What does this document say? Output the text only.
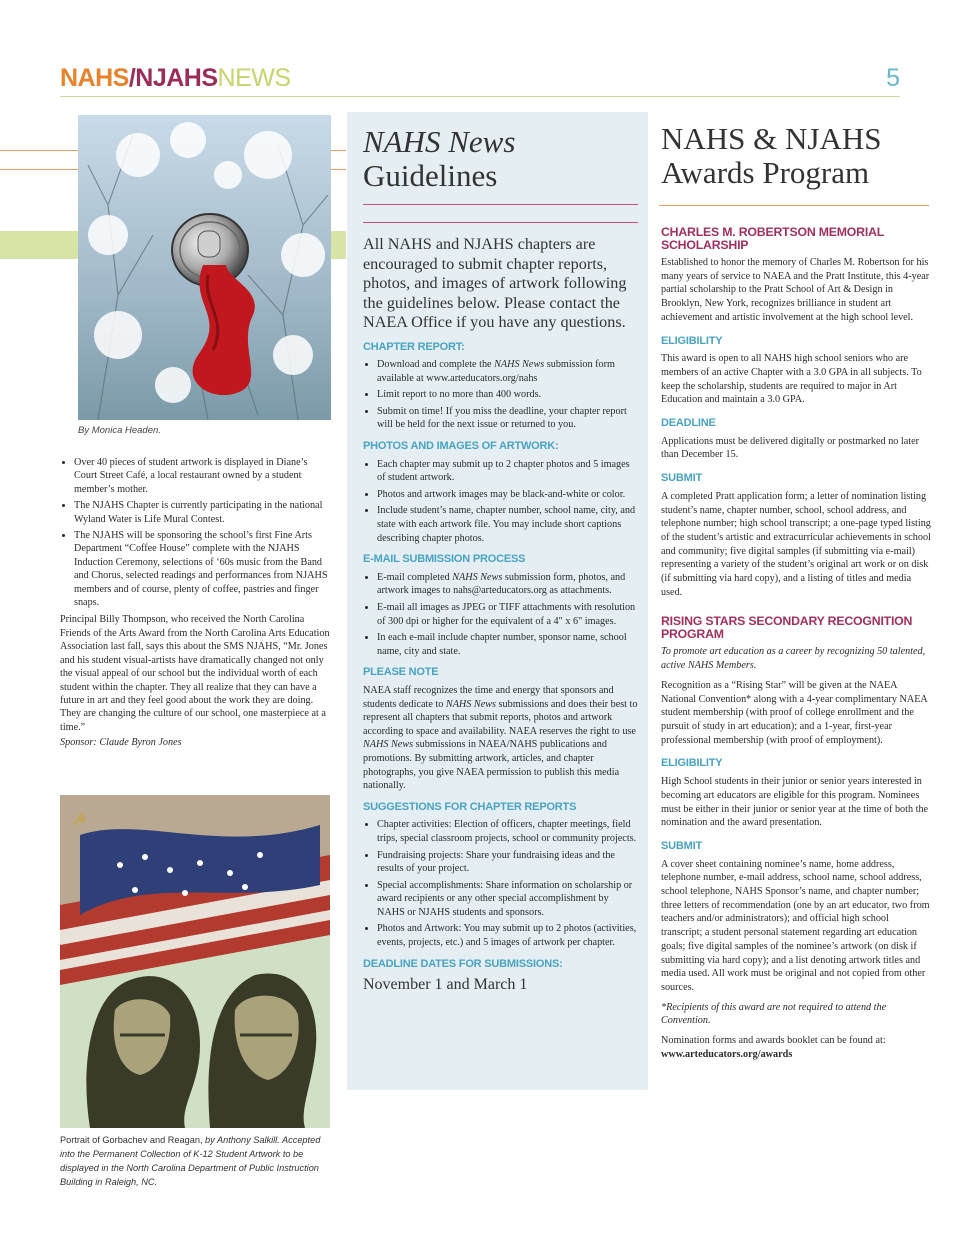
NAHS/NJAHSNEWS	5
By Monica Headen.
• Over 40 pieces of student artwork is displayed in Diane’s Court Street Café, a local restaurant owned by a student member’s mother.
• The NJAHS Chapter is currently participating in the national Wyland Water is Life Mural Contest.
• The NJAHS will be sponsoring the school’s first Fine Arts Department “Coffee House” complete with the NJAHS Induction Ceremony, selections of ‘60s music from the Band and Chorus, selected readings and performances from NJAHS members and of course, plenty of coffee, pastries and finger snaps.

Principal Billy Thompson, who received the North Carolina Friends of the Arts Award from the North Carolina Arts Education Association last fall, says this about the SMS NJAHS, “Mr. Jones and his student visual-artists have dramatically changed not only the visual appeal of our school but the individual worth of each student within the chapter. They all realize that they can have a future in art and they feel good about the work they are doing. They are changing the culture of our school, one masterpiece at a time.”

Sponsor: Claude Byron Jones

☭
Portrait of Gorbachev and Reagan, by Anthony Salkill. Accepted into the Permanent Collection of K-12 Student Artwork to be displayed in the North Carolina Department of Public Instruction Building in Raleigh, NC.
NAHS News
Guidelines

All NAHS and NJAHS chapters are encouraged to submit chapter reports, photos, and images of artwork following the guidelines below. Please contact the NAEA Office if you have any questions.

CHAPTER REPORT:
• Download and complete the NAHS News submission form available at www.arteducators.org/nahs
• Limit report to no more than 400 words.
• Submit on time! If you miss the deadline, your chapter report will be held for the next issue or returned to you.
PHOTOS AND IMAGES OF ARTWORK:
• Each chapter may submit up to 2 chapter photos and 5 images of student artwork.
• Photos and artwork images may be black-and-white or color.
• Include student’s name, chapter number, school name, city, and state with each artwork file. You may include short captions describing chapter photos.
E-MAIL SUBMISSION PROCESS
• E-mail completed NAHS News submission form, photos, and artwork images to nahs@arteducators.org as attachments.
• E-mail all images as JPEG or TIFF attachments with resolution of 300 dpi or higher for the equivalent of a 4" x 6" images.
• In each e-mail include chapter number, sponsor name, school name, city and state.
PLEASE NOTE

NAEA staff recognizes the time and energy that sponsors and students dedicate to NAHS News submissions and does their best to represent all chapters that submit reports, photos and artwork according to space and availability. NAEA reserves the right to use NAHS News submissions in NAEA/NAHS publications and promotions. By submitting artwork, articles, and chapter photographs, you give NAEA permission to publish this media nationally.

SUGGESTIONS FOR CHAPTER REPORTS
• Chapter activities: Election of officers, chapter meetings, field trips, special classroom projects, school or community projects.
• Fundraising projects: Share your fundraising ideas and the results of your project.
• Special accomplishments: Share information on scholarship or award recipients or any other special accomplishment by NAHS or NJAHS students and sponsors.
• Photos and Artwork: You may submit up to 2 photos (activities, events, projects, etc.) and 5 images of artwork per chapter.
DEADLINE DATES FOR SUBMISSIONS:

November 1 and March 1

NAHS & NJAHS
Awards Program
CHARLES M. ROBERTSON MEMORIAL SCHOLARSHIP

Established to honor the memory of Charles M. Robertson for his many years of service to NAEA and the Pratt Institute, this 4-year partial scholarship to the Pratt School of Art & Design in Brooklyn, New York, recognizes brilliance in student art achievement and artistic involvement at the high school level.

ELIGIBILITY

This award is open to all NAHS high school seniors who are members of an active Chapter with a 3.0 GPA in all subjects. To keep the scholarship, students are required to major in Art Education and maintain a 3.0 GPA.

DEADLINE

Applications must be delivered digitally or postmarked no later than December 15.

SUBMIT

A completed Pratt application form; a letter of nomination listing student’s name, chapter number, school, school address, and telephone number; high school transcript; a one-page typed listing of the student’s artistic and extracurricular achievements in school and community; five digital samples (if submitting via e-mail) representing a variety of the student’s original art work or on disk (if submitting via hard copy), and a listing of titles and media used.

RISING STARS SECONDARY RECOGNITION PROGRAM

To promote art education as a career by recognizing 50 talented, active NAHS Members.

Recognition as a “Rising Star” will be given at the NAEA National Convention* along with a 4-year complimentary NAEA student membership (with proof of college enrollment and the pursuit of study in art education); and a 1-year, first-year professional membership (with proof of employment).

ELIGIBILITY

High School students in their junior or senior years interested in becoming art educators are eligible for this program. Nominees must be either in their junior or senior year at the time of both the nomination and the award presentation.

SUBMIT

A cover sheet containing nominee’s name, home address, telephone number, e-mail address, school name, school address, school telephone, NAHS Sponsor’s name, and chapter number; three letters of recommendation (one by an art educator, two from teachers and/or administrators); and official high school transcript; a student personal statement regarding art education goals; five digital samples of the nominee’s artwork (on disk if submitting via hard copy); and a list denoting artwork titles and media used. All work must be original and not copied from other sources.

*Recipients of this award are not required to attend the Convention.

Nomination forms and awards booklet can be found at:

www.arteducators.org/awards
